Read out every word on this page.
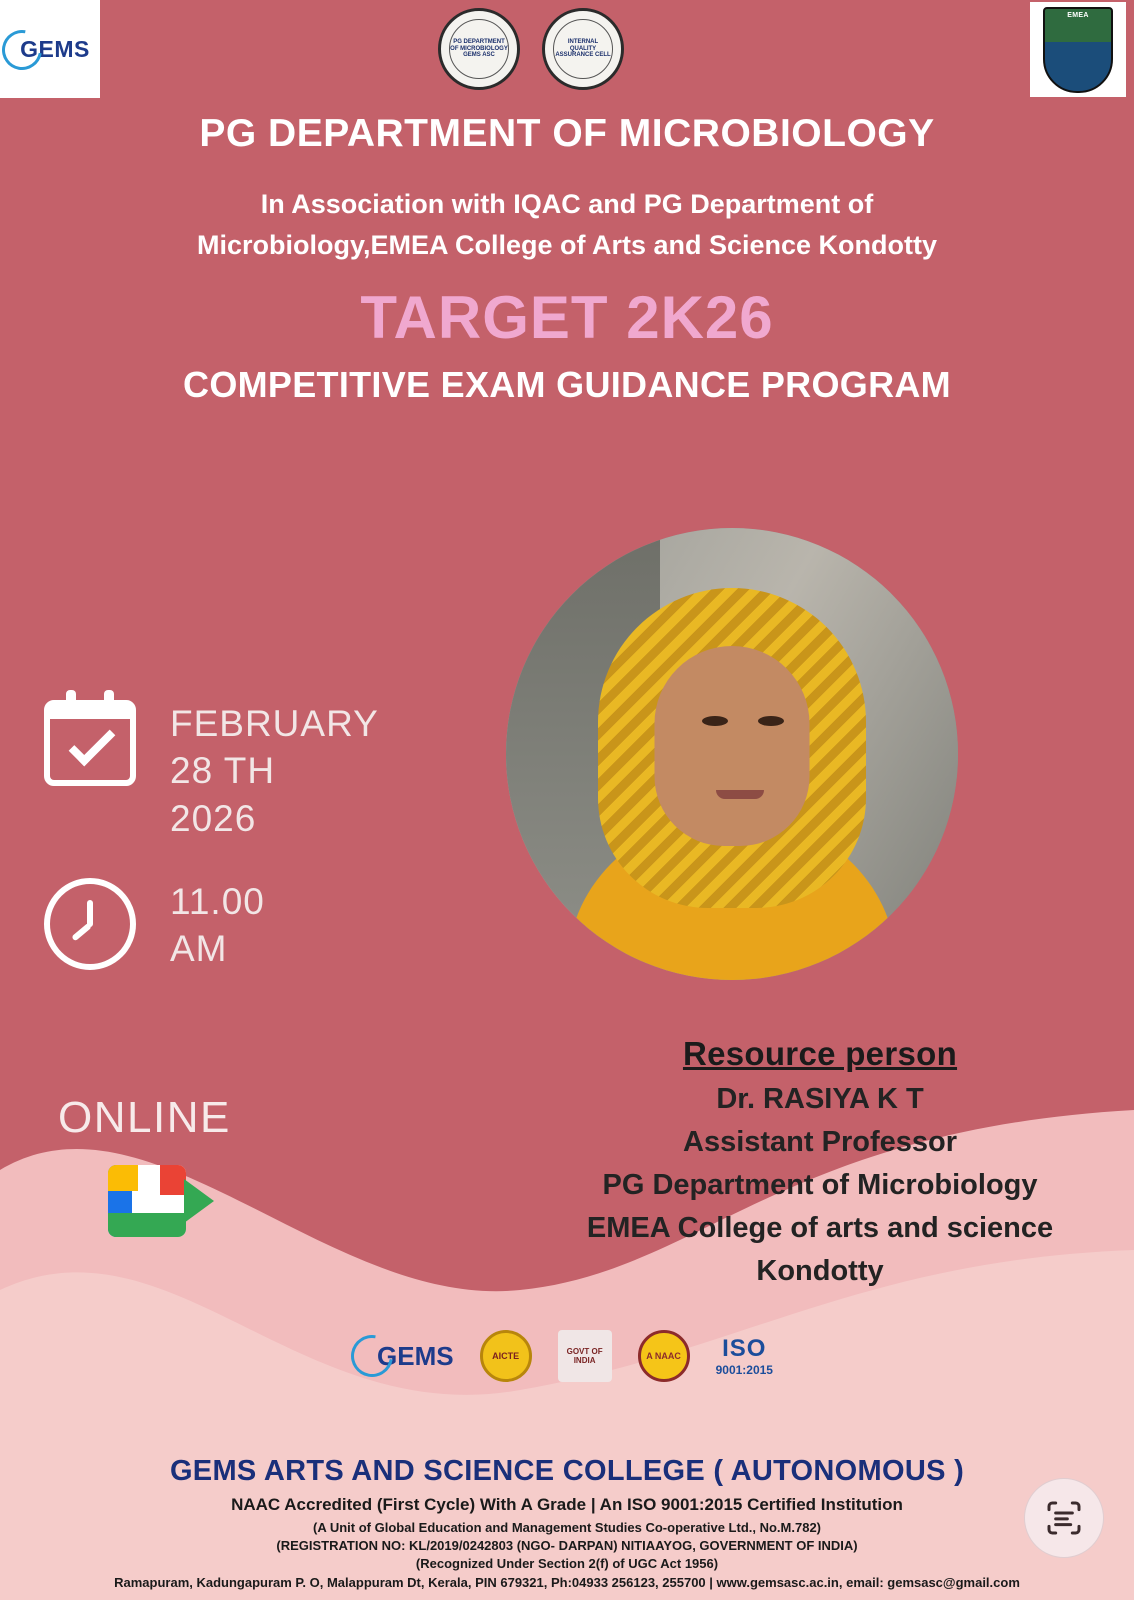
GEMS	PG DEPARTMENT OF MICROBIOLOGY GEMS ASC
INTERNAL QUALITY ASSURANCE CELL
EMEA
PG DEPARTMENT OF MICROBIOLOGY
In Association with IQAC and PG Department of
Microbiology,EMEA College of Arts and Science Kondotty
TARGET 2K26
COMPETITIVE EXAM GUIDANCE PROGRAM
FEBRUARY
28 TH
2026
11.00
AM
ONLINE
Resource person
Dr. RASIYA K T
Assistant Professor
PG Department of Microbiology
EMEA College of arts and science
Kondotty
GEMS	AICTE	GOVT OF INDIA	A NAAC	ISO
9001:2015
GEMS ARTS AND SCIENCE COLLEGE ( AUTONOMOUS )
NAAC Accredited (First Cycle) With A Grade | An ISO 9001:2015 Certified Institution
(A Unit of Global Education and Management Studies Co-operative Ltd., No.M.782)
(REGISTRATION NO: KL/2019/0242803 (NGO- DARPAN) NITIAAYOG, GOVERNMENT OF INDIA)
(Recognized Under Section 2(f) of UGC Act 1956)
Ramapuram, Kadungapuram P. O, Malappuram Dt, Kerala, PIN 679321, Ph:04933 256123, 255700 | www.gemsasc.ac.in, email: gemsasc@gmail.com
